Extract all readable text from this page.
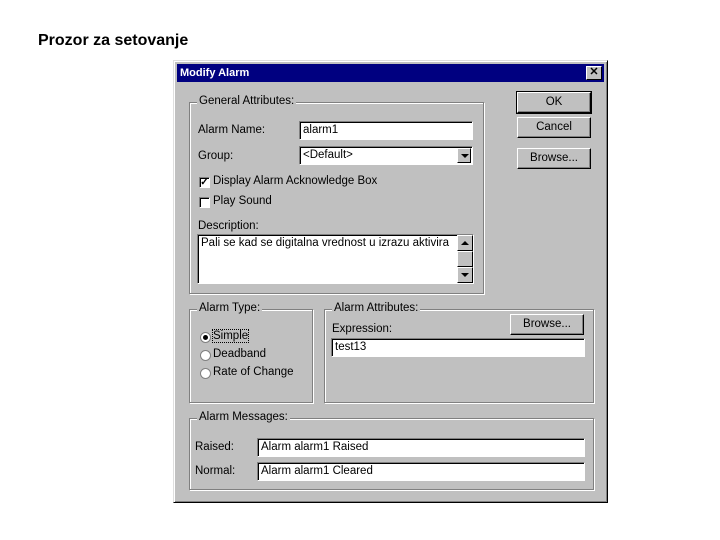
Prozor za setovanje
Modify Alarm	✕
OK
Cancel
Browse...
General Attributes:
Alarm Name:	alarm1
Group:	<Default>
✓ Display Alarm Acknowledge Box
Play Sound
Description:
Pali se kad se digitalna vrednost u izrazu aktivira
Alarm Type:
Simple
Deadband
Rate of Change
Alarm Attributes:
Browse...
Expression:
test13
Alarm Messages:
Raised:	Alarm alarm1 Raised
Normal:	Alarm alarm1 Cleared
